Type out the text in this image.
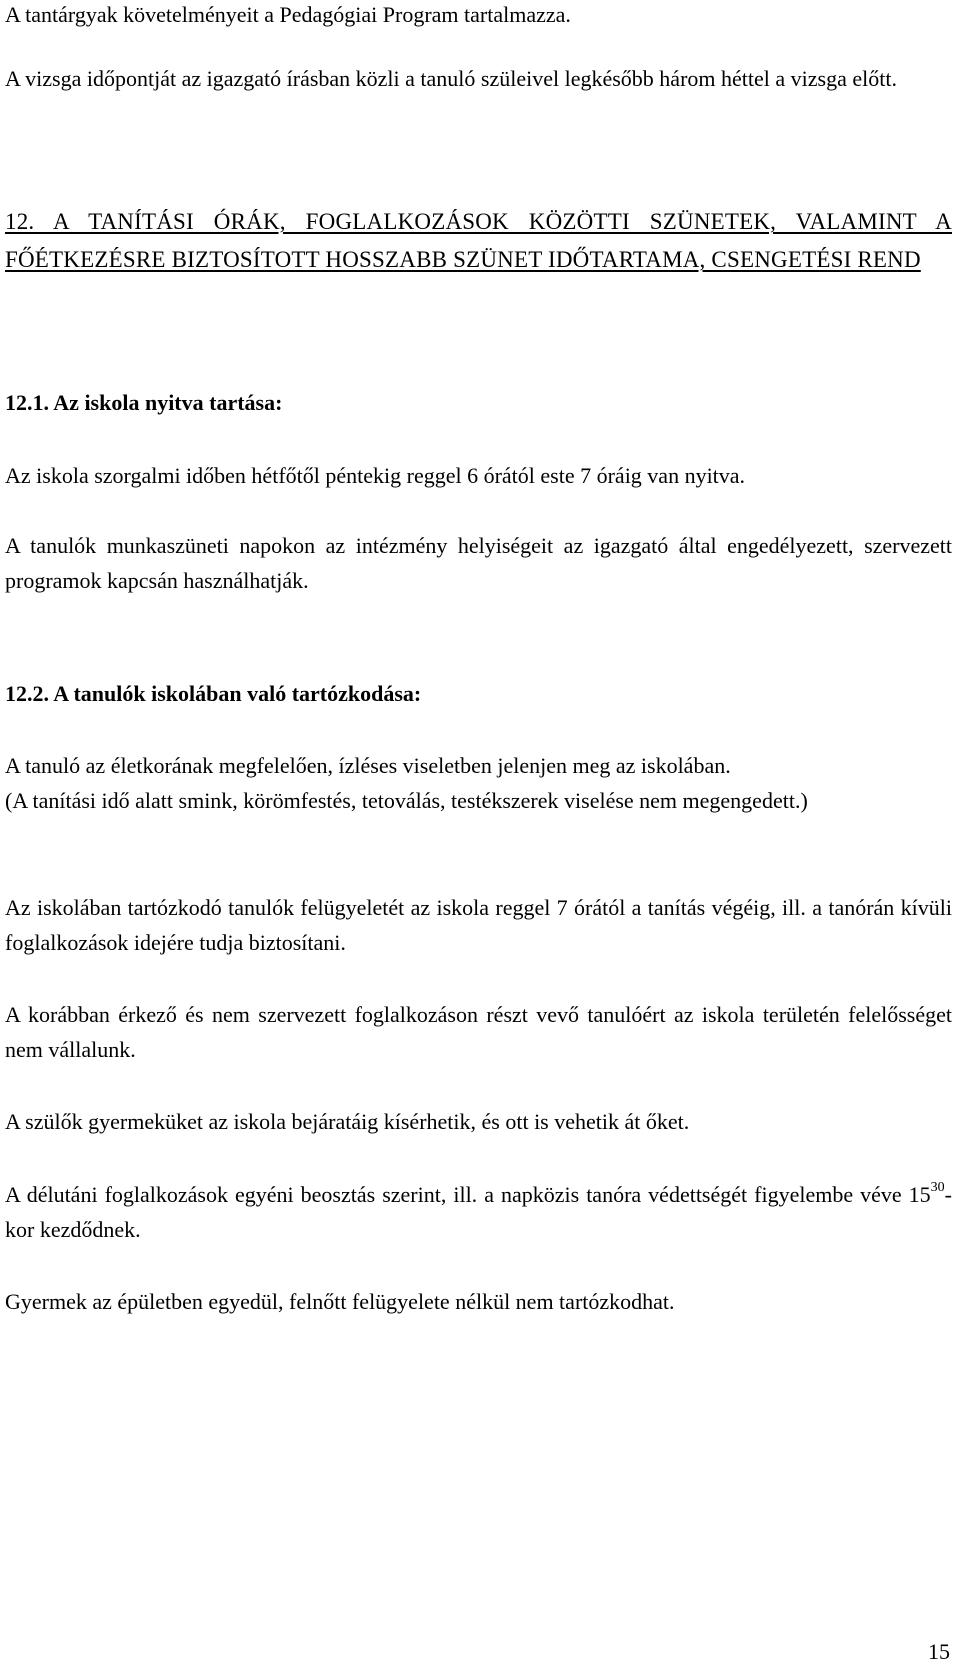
A tantárgyak követelményeit a Pedagógiai Program tartalmazza.

A vizsga időpontját az igazgató írásban közli a tanuló szüleivel legkésőbb három héttel a vizsga előtt.

12. A TANÍTÁSI ÓRÁK, FOGLALKOZÁSOK KÖZÖTTI SZÜNETEK, VALAMINT A FŐÉTKEZÉSRE BIZTOSÍTOTT HOSSZABB SZÜNET IDŐTARTAMA, CSENGETÉSI REND

12.1. Az iskola nyitva tartása:

Az iskola szorgalmi időben hétfőtől péntekig reggel 6 órától este 7 óráig van nyitva.

A tanulók munkaszüneti napokon az intézmény helyiségeit az igazgató által engedélyezett, szervezett programok kapcsán használhatják.

12.2. A tanulók iskolában való tartózkodása:

A tanuló az életkorának megfelelően, ízléses viseletben jelenjen meg az iskolában.

(A tanítási idő alatt smink, körömfestés, tetoválás, testékszerek viselése nem megengedett.)

Az iskolában tartózkodó tanulók felügyeletét az iskola reggel 7 órától a tanítás végéig, ill. a tanórán kívüli foglalkozások idejére tudja biztosítani.

A korábban érkező és nem szervezett foglalkozáson részt vevő tanulóért az iskola területén felelősséget nem vállalunk.

A szülők gyermeküket az iskola bejáratáig kísérhetik, és ott is vehetik át őket.

A délutáni foglalkozások egyéni beosztás szerint, ill. a napközis tanóra védettségét figyelembe véve $15^{30}$-kor kezdődnek.

Gyermek az épületben egyedül, felnőtt felügyelete nélkül nem tartózkodhat.

15
